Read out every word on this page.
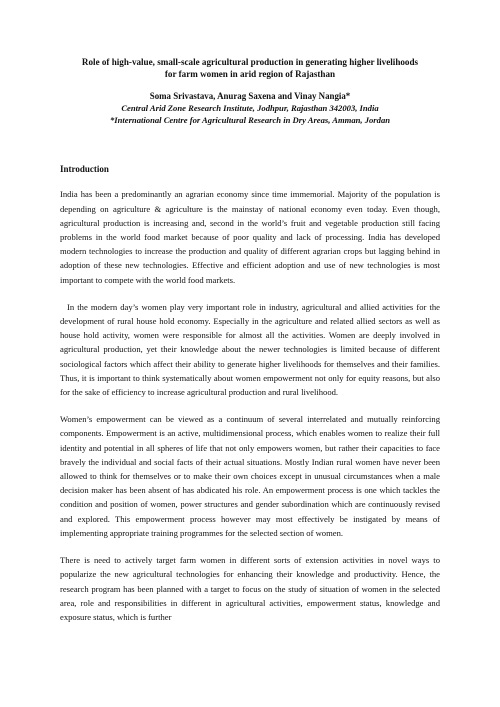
Role of high-value, small-scale agricultural production in generating higher livelihoods
for farm women in arid region of Rajasthan

Soma Srivastava, Anurag Saxena and Vinay Nangia*

Central Arid Zone Research Institute, Jodhpur, Rajasthan 342003, India

*International Centre for Agricultural Research in Dry Areas, Amman, Jordan

Introduction

India has been a predominantly an agrarian economy since time immemorial. Majority of the population is depending on agriculture & agriculture is the mainstay of national economy even today. Even though, agricultural production is increasing and, second in the world’s fruit and vegetable production still facing problems in the world food market because of poor quality and lack of processing. India has developed modern technologies to increase the production and quality of different agrarian crops but lagging behind in adoption of these new technologies. Effective and efficient adoption and use of new technologies is most important to compete with the world food markets.

In the modern day’s women play very important role in industry, agricultural and allied activities for the development of rural house hold economy. Especially in the agriculture and related allied sectors as well as house hold activity, women were responsible for almost all the activities. Women are deeply involved in agricultural production, yet their knowledge about the newer technologies is limited because of different sociological factors which affect their ability to generate higher livelihoods for themselves and their families. Thus, it is important to think systematically about women empowerment not only for equity reasons, but also for the sake of efficiency to increase agricultural production and rural livelihood.

Women’s empowerment can be viewed as a continuum of several interrelated and mutually reinforcing components. Empowerment is an active, multidimensional process, which enables women to realize their full identity and potential in all spheres of life that not only empowers women, but rather their capacities to face bravely the individual and social facts of their actual situations. Mostly Indian rural women have never been allowed to think for themselves or to make their own choices except in unusual circumstances when a male decision maker has been absent of has abdicated his role. An empowerment process is one which tackles the condition and position of women, power structures and gender subordination which are continuously revised and explored. This empowerment process however may most effectively be instigated by means of implementing appropriate training programmes for the selected section of women.

There is need to actively target farm women in different sorts of extension activities in novel ways to popularize the new agricultural technologies for enhancing their knowledge and productivity. Hence, the research program has been planned with a target to focus on the study of situation of women in the selected area, role and responsibilities in different in agricultural activities, empowerment status, knowledge and exposure status, which is further
